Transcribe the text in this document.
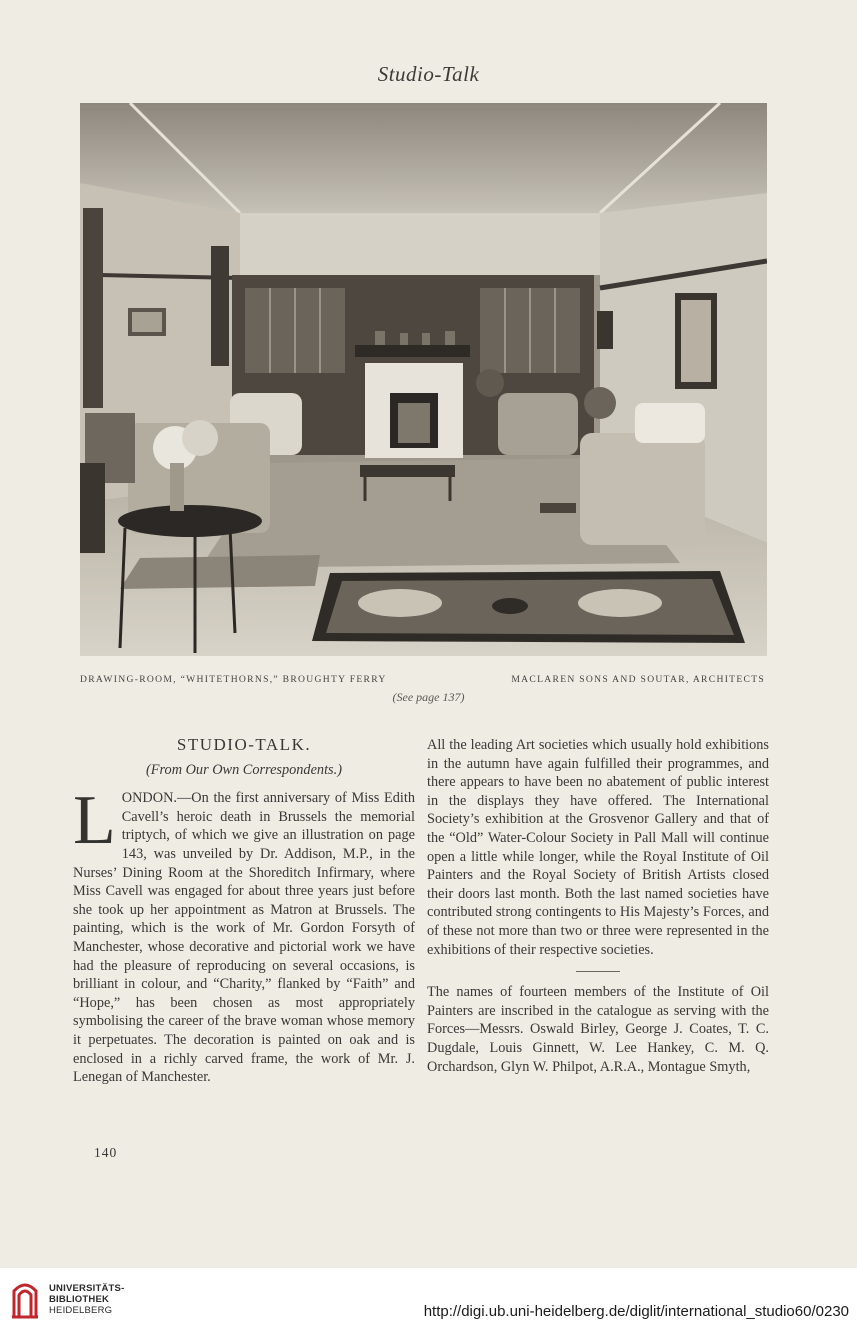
Studio-Talk
DRAWING-ROOM, “WHITETHORNS,” BROUGHTY FERRY	MACLAREN SONS AND SOUTAR, ARCHITECTS
(See page 137)
STUDIO-TALK.
(From Our Own Correspondents.)

LONDON.—On the first anniversary of Miss Edith Cavell’s heroic death in Brussels the memorial triptych, of which we give an illustration on page 143, was unveiled by Dr. Addison, M.P., in the Nurses’ Dining Room at the Shoreditch Infirmary, where Miss Cavell was engaged for about three years just before she took up her appointment as Matron at Brussels. The painting, which is the work of Mr. Gordon Forsyth of Manchester, whose decorative and pictorial work we have had the pleasure of reproducing on several occasions, is brilliant in colour, and “Charity,” flanked by “Faith” and “Hope,” has been chosen as most appropriately symbolising the career of the brave woman whose memory it perpetuates. The decoration is painted on oak and is enclosed in a richly carved frame, the work of Mr. J. Lenegan of Manchester.

All the leading Art societies which usually hold exhibitions in the autumn have again fulfilled their programmes, and there appears to have been no abatement of public interest in the displays they have offered. The International Society’s exhibition at the Grosvenor Gallery and that of the “Old” Water-Colour Society in Pall Mall will continue open a little while longer, while the Royal Institute of Oil Painters and the Royal Society of British Artists closed their doors last month. Both the last named societies have contributed strong contingents to His Majesty’s Forces, and of these not more than two or three were represented in the exhibitions of their respective societies.

The names of fourteen members of the Institute of Oil Painters are inscribed in the catalogue as serving with the Forces—Messrs. Oswald Birley, George J. Coates, T. C. Dugdale, Louis Ginnett, W. Lee Hankey, C. M. Q. Orchardson, Glyn W. Philpot, A.R.A., Montague Smyth,

140
UNIVERSITÄTS-
BIBLIOTHEK
HEIDELBERG	http://digi.ub.uni-heidelberg.de/diglit/international_studio60/0230
